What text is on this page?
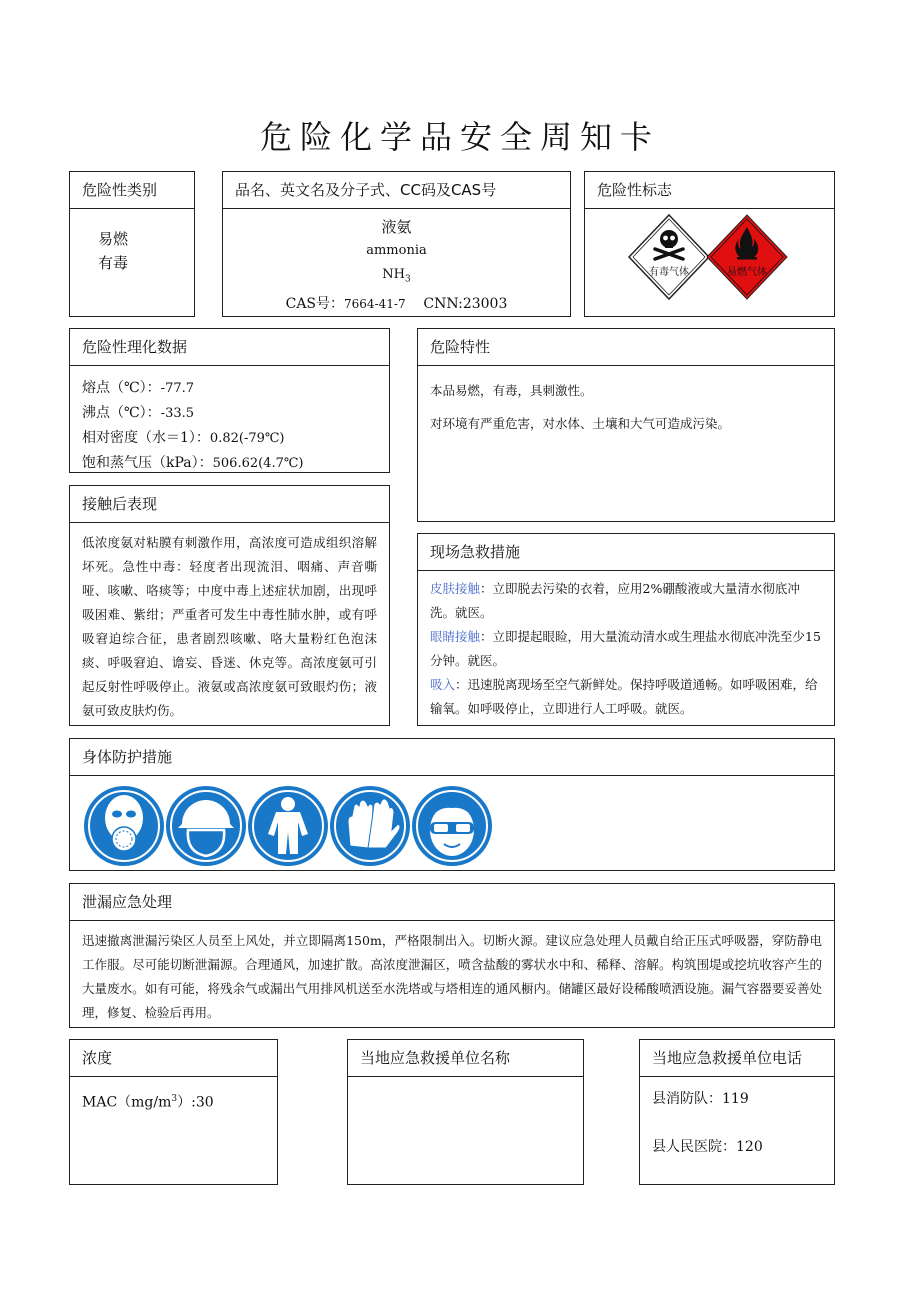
危险化学品安全周知卡
危险性类别
易燃
有毒
品名、英文名及分子式、CC码及CAS号
液氨
ammonia
$NH_3$
CAS号：7664-41-7 CNN:23003
危险性标志
有毒气体	易燃气体
危险性理化数据
熔点（℃）：-77.7
沸点（℃）：-33.5
相对密度（水＝1）：0.82(-79℃)
饱和蒸气压（kPa）：506.62(4.7℃)
危险特性

本品易燃，有毒，具刺激性。

对环境有严重危害，对水体、土壤和大气可造成污染。

接触后表现
低浓度氨对粘膜有刺激作用，高浓度可造成组织溶解坏死。急性中毒：轻度者出现流泪、咽痛、声音嘶哑、咳嗽、咯痰等；中度中毒上述症状加剧，出现呼吸困难、紫绀；严重者可发生中毒性肺水肿，或有呼吸窘迫综合征，患者剧烈咳嗽、咯大量粉红色泡沫痰、呼吸窘迫、谵妄、昏迷、休克等。高浓度氨可引起反射性呼吸停止。液氨或高浓度氨可致眼灼伤；液氨可致皮肤灼伤。
现场急救措施
皮肤接触：立即脱去污染的衣着，应用2%硼酸液或大量清水彻底冲洗。就医。
眼睛接触：立即提起眼睑，用大量流动清水或生理盐水彻底冲洗至少15分钟。就医。
吸入：迅速脱离现场至空气新鲜处。保持呼吸道通畅。如呼吸困难，给输氧。如呼吸停止，立即进行人工呼吸。就医。
身体防护措施
泄漏应急处理
迅速撤离泄漏污染区人员至上风处，并立即隔离150m，严格限制出入。切断火源。建议应急处理人员戴自给正压式呼吸器，穿防静电工作服。尽可能切断泄漏源。合理通风，加速扩散。高浓度泄漏区，喷含盐酸的雾状水中和、稀释、溶解。构筑围堤或挖坑收容产生的大量废水。如有可能，将残余气或漏出气用排风机送至水洗塔或与塔相连的通风橱内。储罐区最好设稀酸喷洒设施。漏气容器要妥善处理，修复、检验后再用。
浓度
$MAC(mg/m^3):30$
当地应急救援单位名称	当地应急救援单位电话
县消防队：119
县人民医院：120
